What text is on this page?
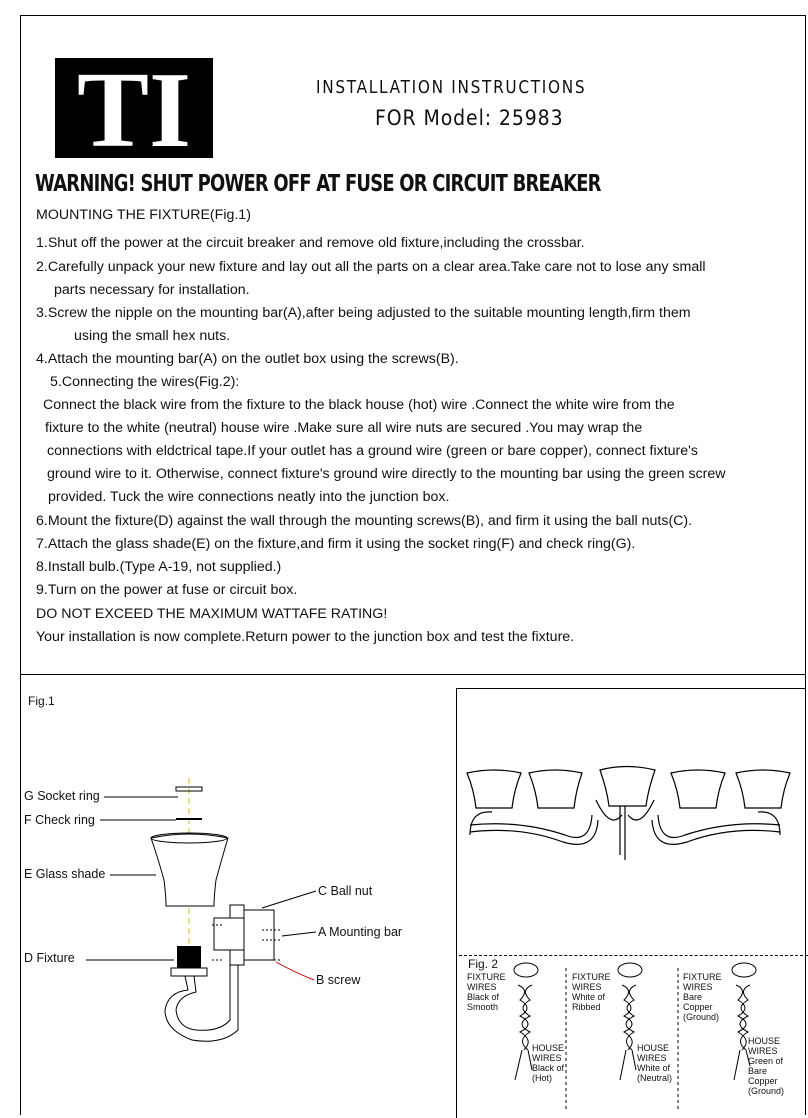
TI	INSTALLATION INSTRUCTIONS
FOR Model: 25983
WARNING! SHUT POWER OFF AT FUSE OR CIRCUIT BREAKER
MOUNTING THE FIXTURE(Fig.1)
1.Shut off the power at the circuit breaker and remove old fixture,including the crossbar.
2.Carefully unpack your new fixture and lay out all the parts on a clear area.Take care not to lose any small
parts necessary for installation.
3.Screw the nipple on the mounting bar(A),after being adjusted to the suitable mounting length,firm them
using the small hex nuts.
4.Attach the mounting bar(A) on the outlet box using the screws(B).
5.Connecting the wires(Fig.2):
Connect the black wire from the fixture to the black house (hot) wire .Connect the white wire from the
fixture to the white (neutral) house wire .Make sure all wire nuts are secured .You may wrap the
connections with eldctrical tape.If your outlet has a ground wire (green or bare copper), connect fixture's
ground wire to it. Otherwise, connect fixture's ground wire directly to the mounting bar using the green screw
provided. Tuck the wire connections neatly into the junction box.
6.Mount the fixture(D) against the wall through the mounting screws(B), and firm it using the ball nuts(C).
7.Attach the glass shade(E) on the fixture,and firm it using the socket ring(F) and check ring(G).
8.Install bulb.(Type A-19, not supplied.)
9.Turn on the power at fuse or circuit box.
DO NOT EXCEED THE MAXIMUM WATTAFE RATING!
Your installation is now complete.Return power to the junction box and test the fixture.
Fig.1
G Socket ring
F Check ring
E Glass shade
D Fixture
C Ball nut
A Mounting bar
B screw
Fig. 2
FIXTURE
WIRES
Black of
Smooth
HOUSE
WIRES
Black of
(Hot)
FIXTURE
WIRES
White of
Ribbed
HOUSE
WIRES
White of
(Neutral)
FIXTURE
WIRES
Bare
Copper
(Ground)
HOUSE
WIRES
Green of
Bare
Copper
(Ground)
